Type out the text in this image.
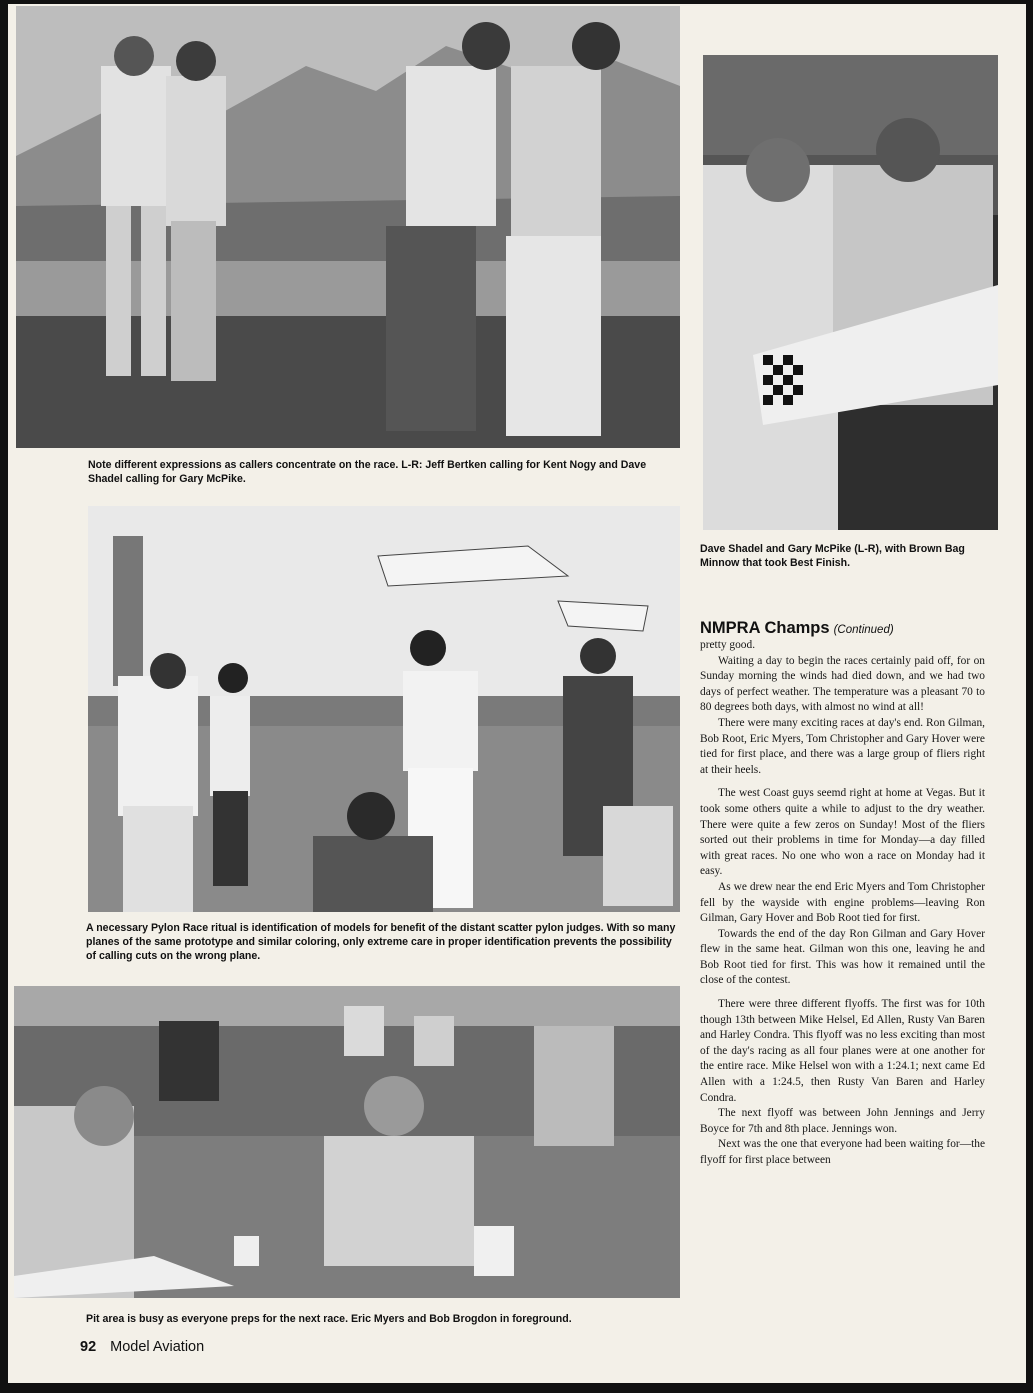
Note different expressions as callers concentrate on the race. L-R: Jeff Bertken calling for Kent Nogy and Dave Shadel calling for Gary McPike.

Dave Shadel and Gary McPike (L-R), with Brown Bag Minnow that took Best Finish.

A necessary Pylon Race ritual is identification of models for benefit of the distant scatter pylon judges. With so many planes of the same prototype and similar coloring, only extreme care in proper identification prevents the possibility of calling cuts on the wrong plane.

Pit area is busy as everyone preps for the next race. Eric Myers and Bob Brogdon in foreground.

NMPRA Champs (Continued)

pretty good.

Waiting a day to begin the races certainly paid off, for on Sunday morning the winds had died down, and we had two days of perfect weather. The temperature was a pleasant 70 to 80 degrees both days, with almost no wind at all!

There were many exciting races at day's end. Ron Gilman, Bob Root, Eric Myers, Tom Christopher and Gary Hover were tied for first place, and there was a large group of fliers right at their heels.

The west Coast guys seemd right at home at Vegas. But it took some others quite a while to adjust to the dry weather. There were quite a few zeros on Sunday! Most of the fliers sorted out their problems in time for Monday—a day filled with great races. No one who won a race on Monday had it easy.

As we drew near the end Eric Myers and Tom Christopher fell by the wayside with engine problems—leaving Ron Gilman, Gary Hover and Bob Root tied for first.

Towards the end of the day Ron Gilman and Gary Hover flew in the same heat. Gilman won this one, leaving he and Bob Root tied for first. This was how it remained until the close of the contest.

There were three different flyoffs. The first was for 10th though 13th between Mike Helsel, Ed Allen, Rusty Van Baren and Harley Condra. This flyoff was no less exciting than most of the day's racing as all four planes were at one another for the entire race. Mike Helsel won with a 1:24.1; next came Ed Allen with a 1:24.5, then Rusty Van Baren and Harley Condra.

The next flyoff was between John Jennings and Jerry Boyce for 7th and 8th place. Jennings won.

Next was the one that everyone had been waiting for—the flyoff for first place between

92 Model Aviation
